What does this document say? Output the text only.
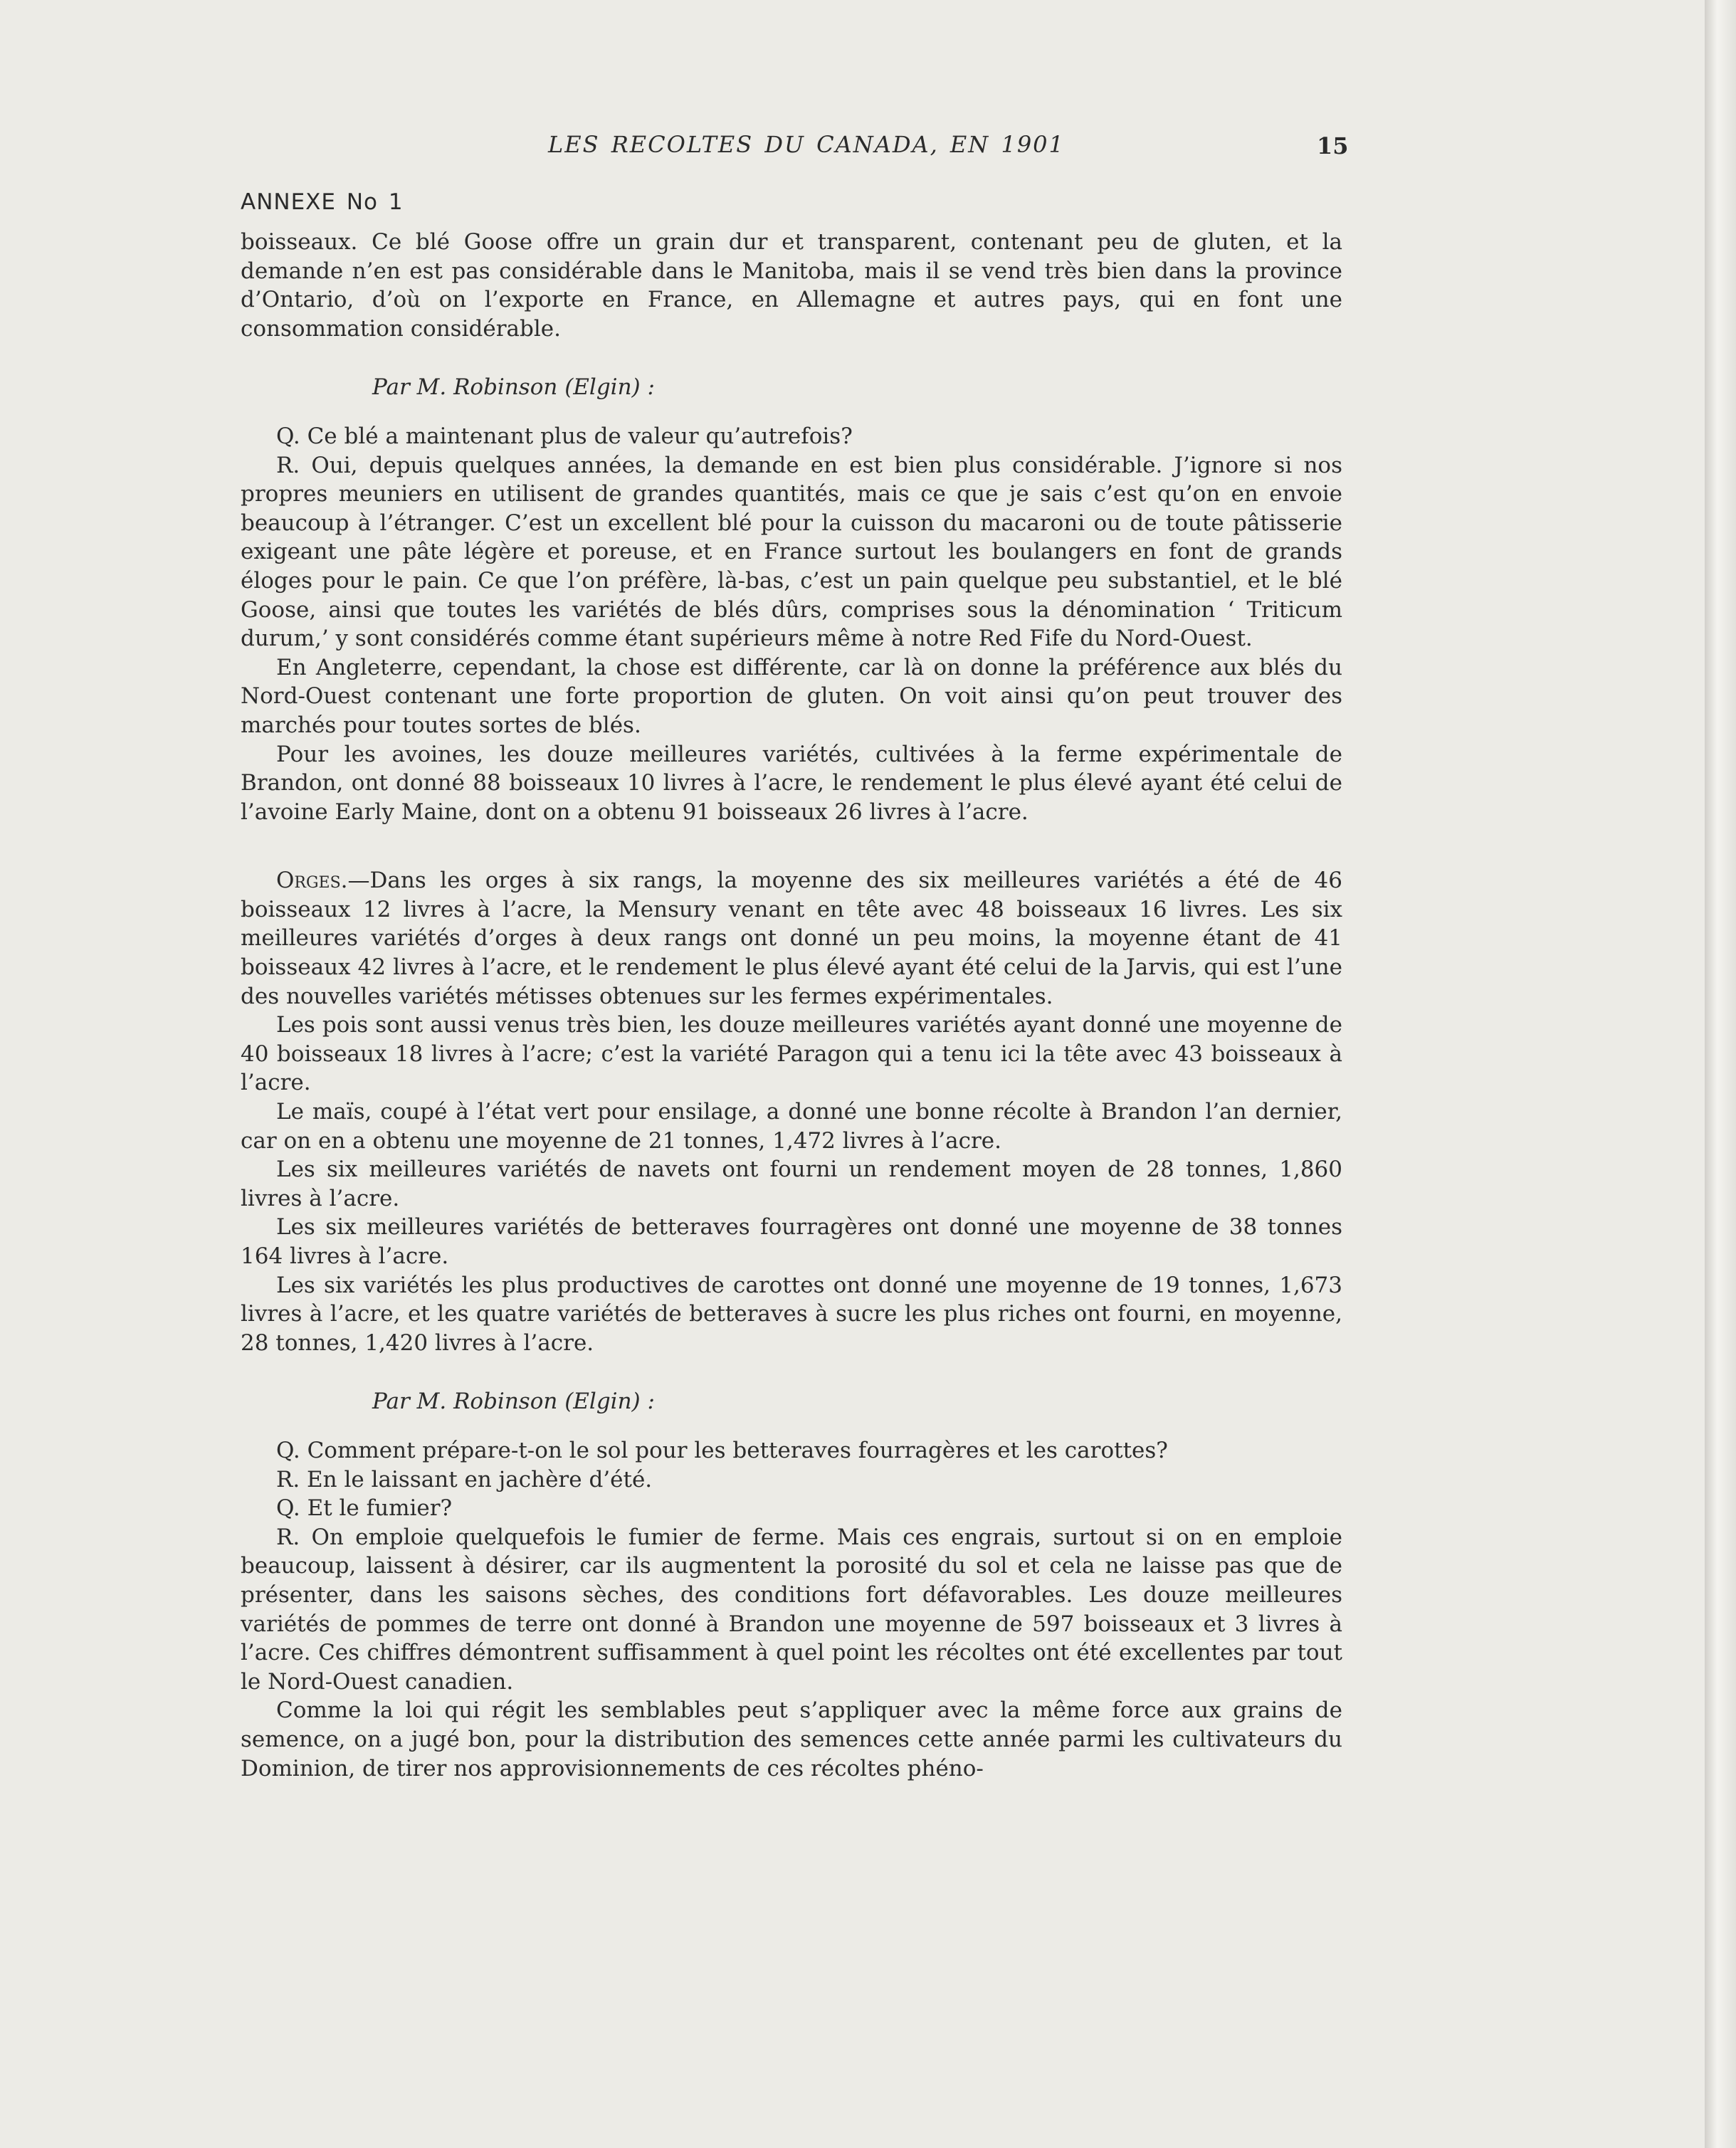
LES RECOLTES DU CANADA, EN 1901	15
ANNEXE No 1

boisseaux. Ce blé Goose offre un grain dur et transparent, contenant peu de gluten, et la demande n’en est pas considérable dans le Manitoba, mais il se vend très bien dans la province d’Ontario, d’où on l’exporte en France, en Allemagne et autres pays, qui en font une consommation considérable.

Par M. Robinson (Elgin) :

Q. Ce blé a maintenant plus de valeur qu’autrefois?

R. Oui, depuis quelques années, la demande en est bien plus considérable. J’ignore si nos propres meuniers en utilisent de grandes quantités, mais ce que je sais c’est qu’on en envoie beaucoup à l’étranger. C’est un excellent blé pour la cuisson du macaroni ou de toute pâtisserie exigeant une pâte légère et poreuse, et en France surtout les boulangers en font de grands éloges pour le pain. Ce que l’on préfère, là-bas, c’est un pain quelque peu substantiel, et le blé Goose, ainsi que toutes les variétés de blés dûrs, comprises sous la dénomination ‘ Triticum durum,’ y sont considérés comme étant supérieurs même à notre Red Fife du Nord-Ouest.

En Angleterre, cependant, la chose est différente, car là on donne la préférence aux blés du Nord-Ouest contenant une forte proportion de gluten. On voit ainsi qu’on peut trouver des marchés pour toutes sortes de blés.

Pour les avoines, les douze meilleures variétés, cultivées à la ferme expérimentale de Brandon, ont donné 88 boisseaux 10 livres à l’acre, le rendement le plus élevé ayant été celui de l’avoine Early Maine, dont on a obtenu 91 boisseaux 26 livres à l’acre.

Orges.—Dans les orges à six rangs, la moyenne des six meilleures variétés a été de 46 boisseaux 12 livres à l’acre, la Mensury venant en tête avec 48 boisseaux 16 livres. Les six meilleures variétés d’orges à deux rangs ont donné un peu moins, la moyenne étant de 41 boisseaux 42 livres à l’acre, et le rendement le plus élevé ayant été celui de la Jarvis, qui est l’une des nouvelles variétés métisses obtenues sur les fermes expérimentales.

Les pois sont aussi venus très bien, les douze meilleures variétés ayant donné une moyenne de 40 boisseaux 18 livres à l’acre; c’est la variété Paragon qui a tenu ici la tête avec 43 boisseaux à l’acre.

Le maïs, coupé à l’état vert pour ensilage, a donné une bonne récolte à Brandon l’an dernier, car on en a obtenu une moyenne de 21 tonnes, 1,472 livres à l’acre.

Les six meilleures variétés de navets ont fourni un rendement moyen de 28 tonnes, 1,860 livres à l’acre.

Les six meilleures variétés de betteraves fourragères ont donné une moyenne de 38 tonnes 164 livres à l’acre.

Les six variétés les plus productives de carottes ont donné une moyenne de 19 tonnes, 1,673 livres à l’acre, et les quatre variétés de betteraves à sucre les plus riches ont fourni, en moyenne, 28 tonnes, 1,420 livres à l’acre.

Par M. Robinson (Elgin) :

Q. Comment prépare-t-on le sol pour les betteraves fourragères et les carottes?

R. En le laissant en jachère d’été.

Q. Et le fumier?

R. On emploie quelquefois le fumier de ferme. Mais ces engrais, surtout si on en emploie beaucoup, laissent à désirer, car ils augmentent la porosité du sol et cela ne laisse pas que de présenter, dans les saisons sèches, des conditions fort défavorables. Les douze meilleures variétés de pommes de terre ont donné à Brandon une moyenne de 597 boisseaux et 3 livres à l’acre. Ces chiffres démontrent suffisamment à quel point les récoltes ont été excellentes par tout le Nord-Ouest canadien.

Comme la loi qui régit les semblables peut s’appliquer avec la même force aux grains de semence, on a jugé bon, pour la distribution des semences cette année parmi les cultivateurs du Dominion, de tirer nos approvisionnements de ces récoltes phéno-
